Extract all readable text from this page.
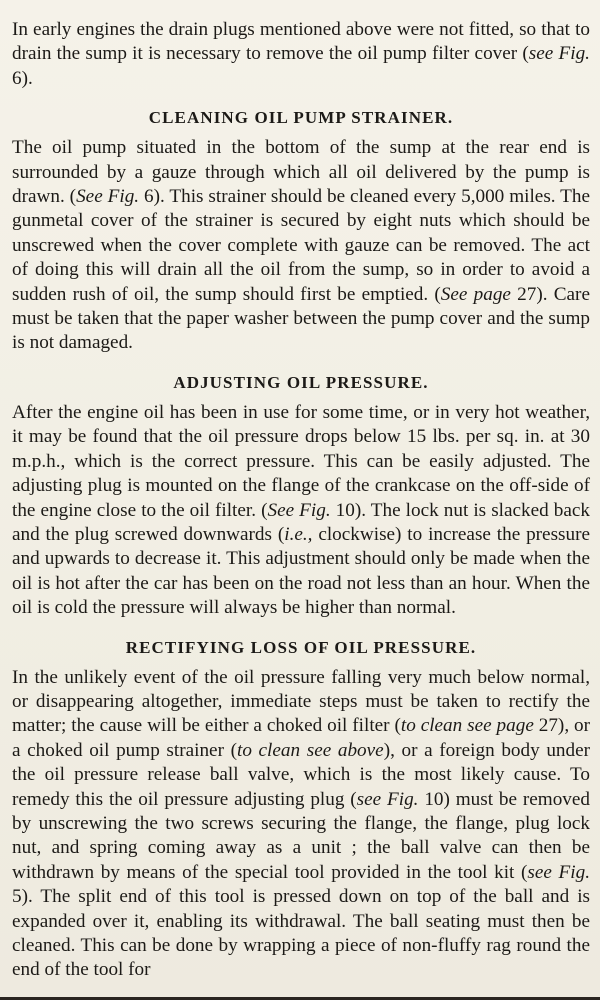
In early engines the drain plugs mentioned above were not fitted, so that to drain the sump it is necessary to remove the oil pump filter cover (see Fig. 6).

CLEANING OIL PUMP STRAINER.

The oil pump situated in the bottom of the sump at the rear end is surrounded by a gauze through which all oil delivered by the pump is drawn. (See Fig. 6). This strainer should be cleaned every 5,000 miles. The gunmetal cover of the strainer is secured by eight nuts which should be unscrewed when the cover complete with gauze can be removed. The act of doing this will drain all the oil from the sump, so in order to avoid a sudden rush of oil, the sump should first be emptied. (See page 27). Care must be taken that the paper washer between the pump cover and the sump is not damaged.

ADJUSTING OIL PRESSURE.

After the engine oil has been in use for some time, or in very hot weather, it may be found that the oil pressure drops below 15 lbs. per sq. in. at 30 m.p.h., which is the correct pressure. This can be easily adjusted. The adjusting plug is mounted on the flange of the crankcase on the off-side of the engine close to the oil filter. (See Fig. 10). The lock nut is slacked back and the plug screwed downwards (i.e., clockwise) to increase the pressure and upwards to decrease it. This adjustment should only be made when the oil is hot after the car has been on the road not less than an hour. When the oil is cold the pressure will always be higher than normal.

RECTIFYING LOSS OF OIL PRESSURE.

In the unlikely event of the oil pressure falling very much below normal, or disappearing altogether, immediate steps must be taken to rectify the matter; the cause will be either a choked oil filter (to clean see page 27), or a choked oil pump strainer (to clean see above), or a foreign body under the oil pressure release ball valve, which is the most likely cause. To remedy this the oil pressure adjusting plug (see Fig. 10) must be removed by unscrewing the two screws securing the flange, the flange, plug lock nut, and spring coming away as a unit ; the ball valve can then be withdrawn by means of the special tool provided in the tool kit (see Fig. 5). The split end of this tool is pressed down on top of the ball and is expanded over it, enabling its withdrawal. The ball seating must then be cleaned. This can be done by wrapping a piece of non-fluffy rag round the end of the tool for
